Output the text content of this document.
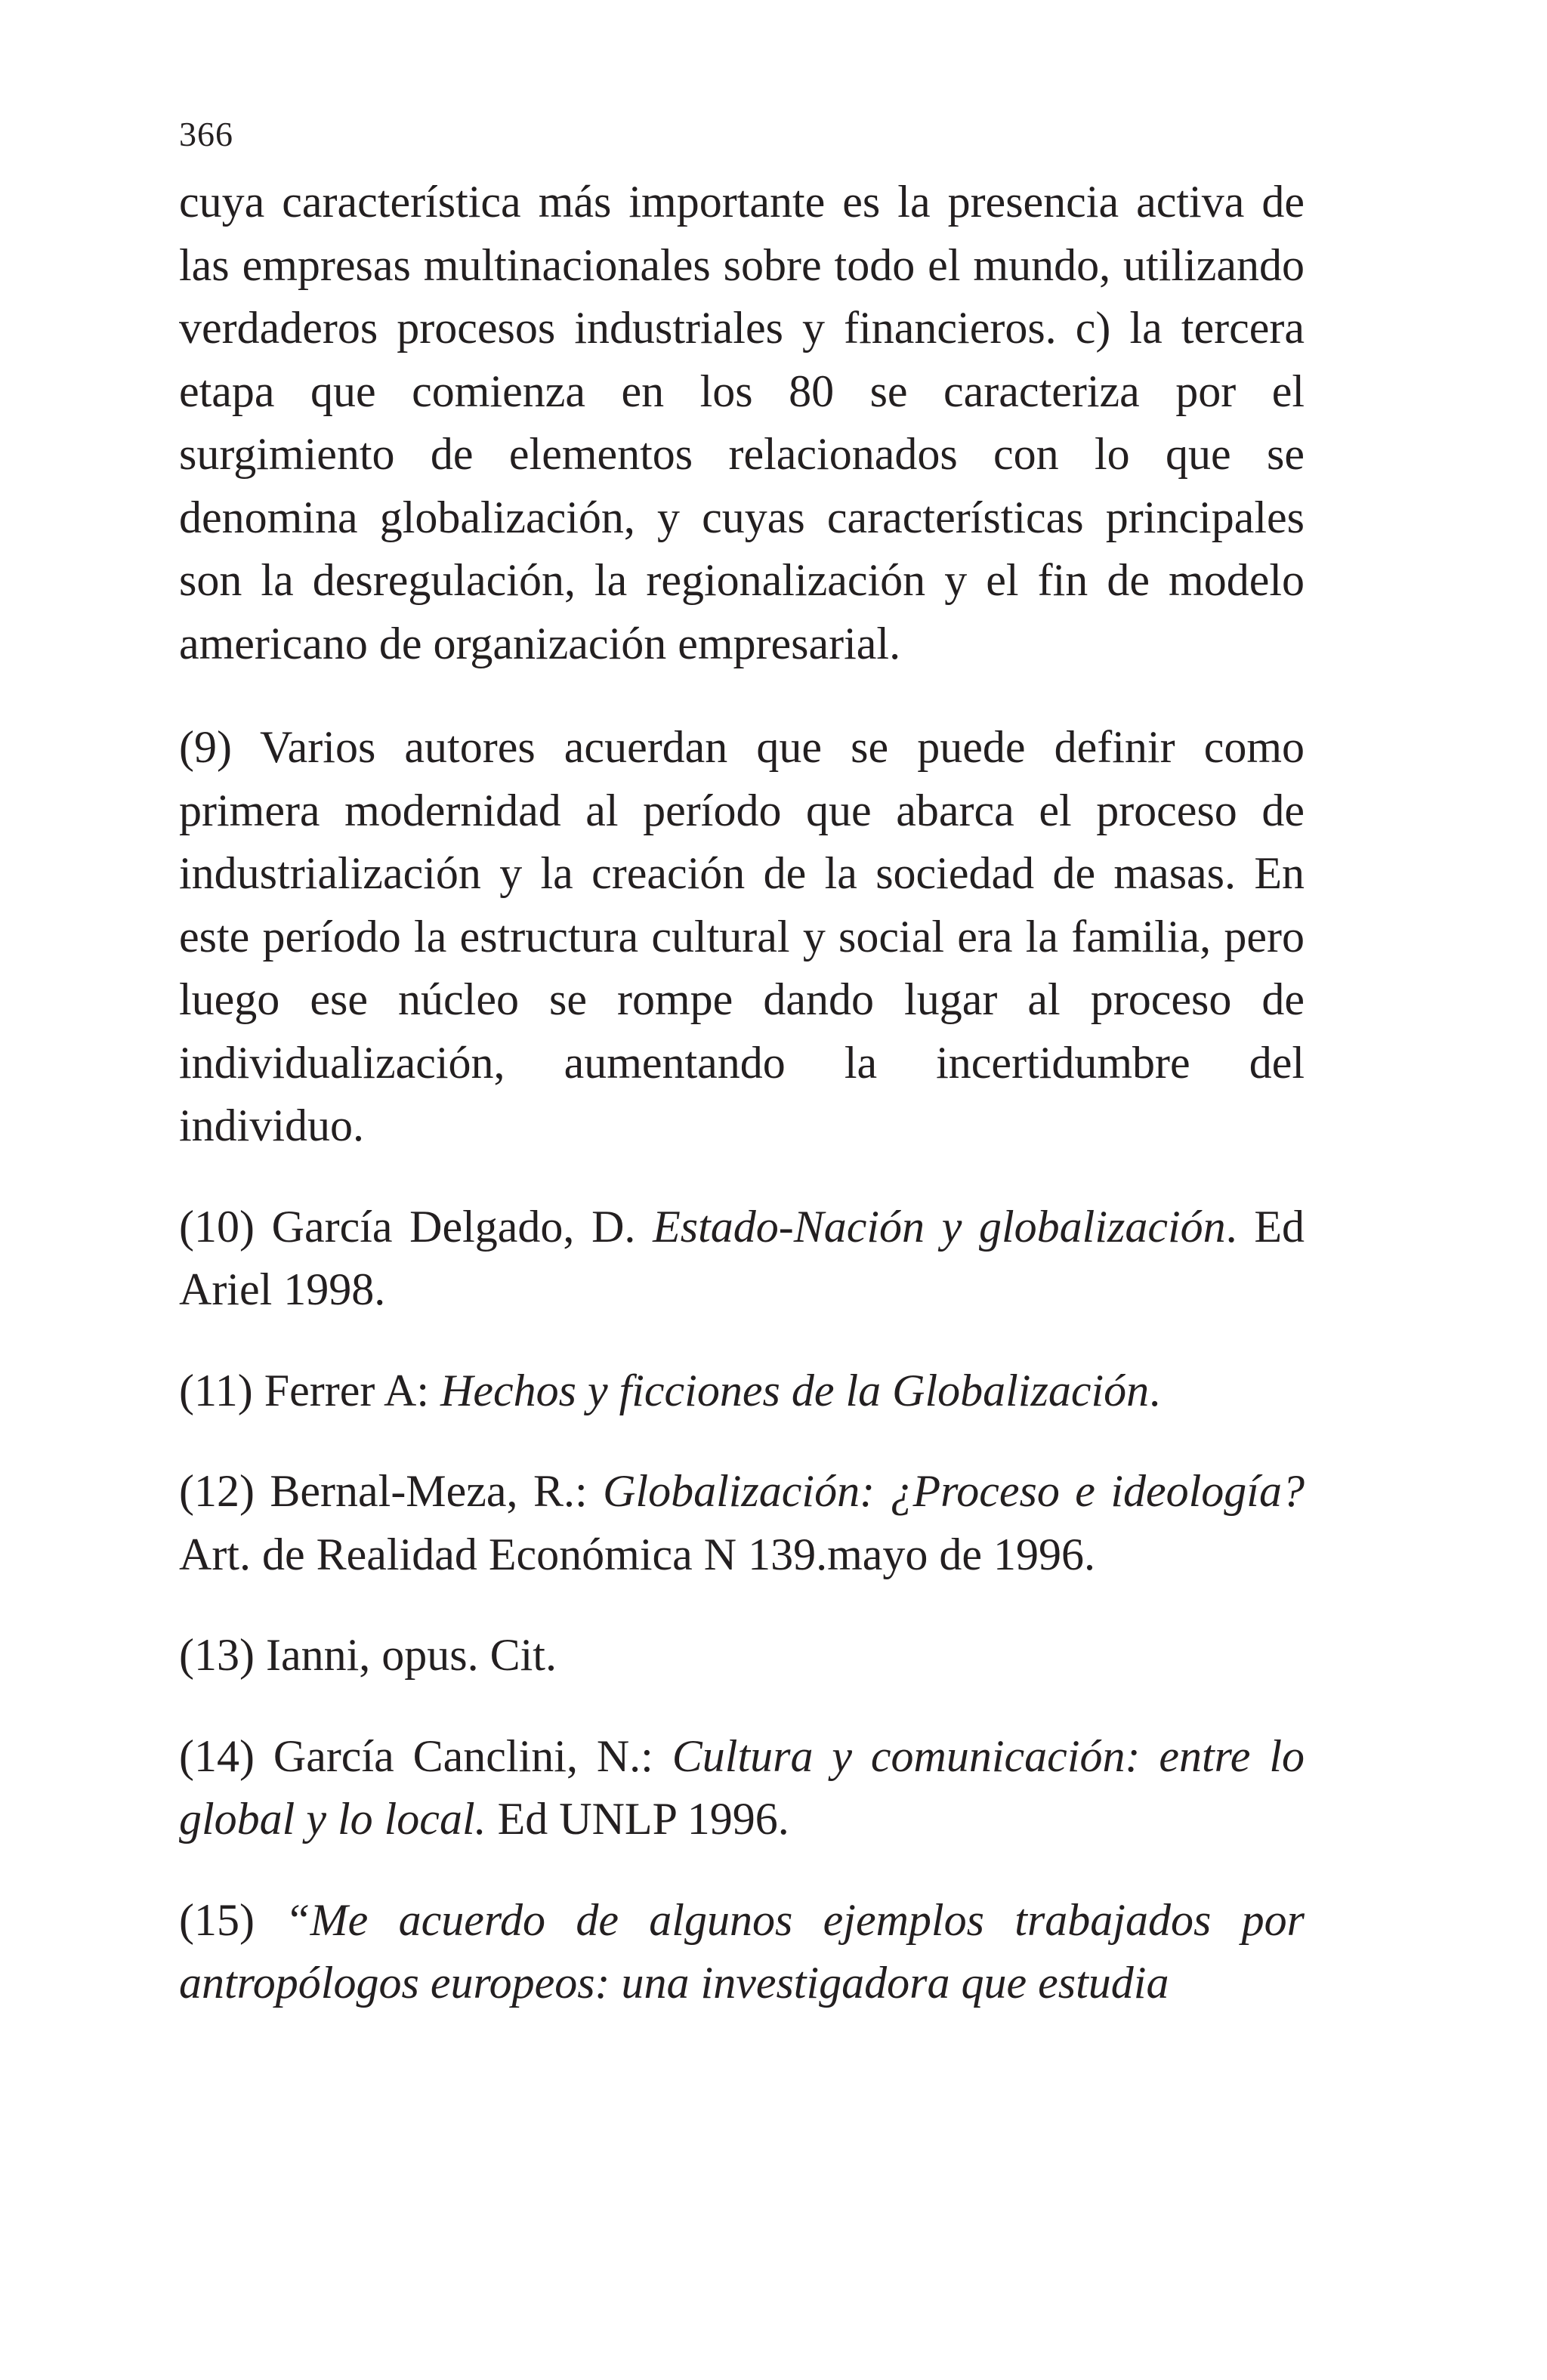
366

cuya característica más importante es la presencia activa de las empresas multinacionales sobre todo el mundo, utilizando verdaderos procesos industriales y financieros. c) la tercera etapa que comienza en los 80 se caracteriza por el surgimiento de elementos relacionados con lo que se denomina globalización, y cuyas características principales son la desregulación, la regionalización y el fin de modelo americano de organización empresarial.

(9) Varios autores acuerdan que se puede definir como primera modernidad al período que abarca el proceso de industrialización y la creación de la sociedad de masas. En este período la estructura cultural y social era la familia, pero luego ese núcleo se rompe dando lugar al proceso de individualización, aumentando la incertidumbre del individuo.

(10) García Delgado, D. Estado-Nación y globalización. Ed Ariel 1998.

(11) Ferrer A: Hechos y ficciones de la Globalización.

(12) Bernal-Meza, R.: Globalización: ¿Proceso e ideología? Art. de Realidad Económica N 139.mayo de 1996.

(13) Ianni, opus. Cit.

(14) García Canclini, N.: Cultura y comunicación: entre lo global y lo local. Ed UNLP 1996.

(15) “Me acuerdo de algunos ejemplos trabajados por antropólogos europeos: una investigadora que estudia
